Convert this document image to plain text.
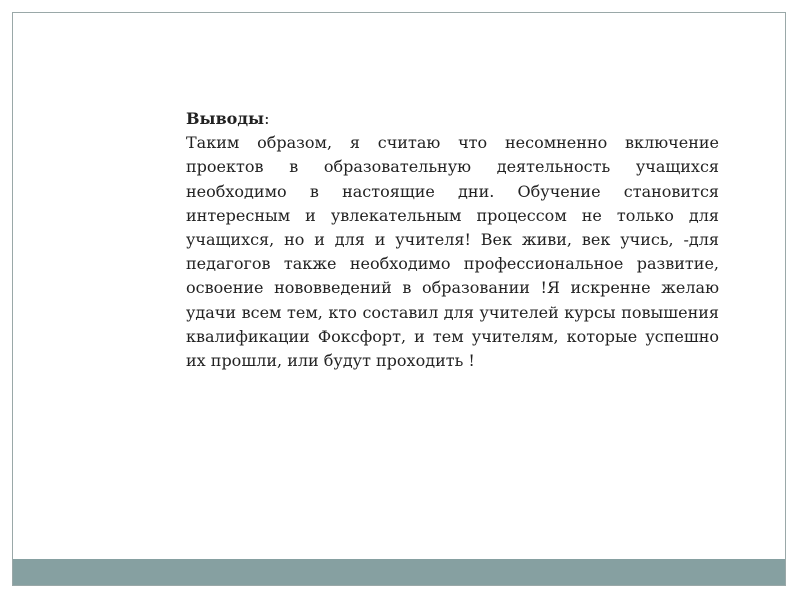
Выводы:
Таким образом, я считаю что несомненно включение проектов в образовательную деятельность учащихся необходимо в настоящие дни. Обучение становится интересным и увлекательным процессом не только для учащихся, но и для и учителя! Век живи, век учись, -для педагогов также необходимо профессиональное развитие, освоение нововведений в образовании !Я искренне желаю удачи всем тем, кто составил для учителей курсы повышения квалификации Фоксфорт, и тем учителям, которые успешно их прошли, или будут проходить !
